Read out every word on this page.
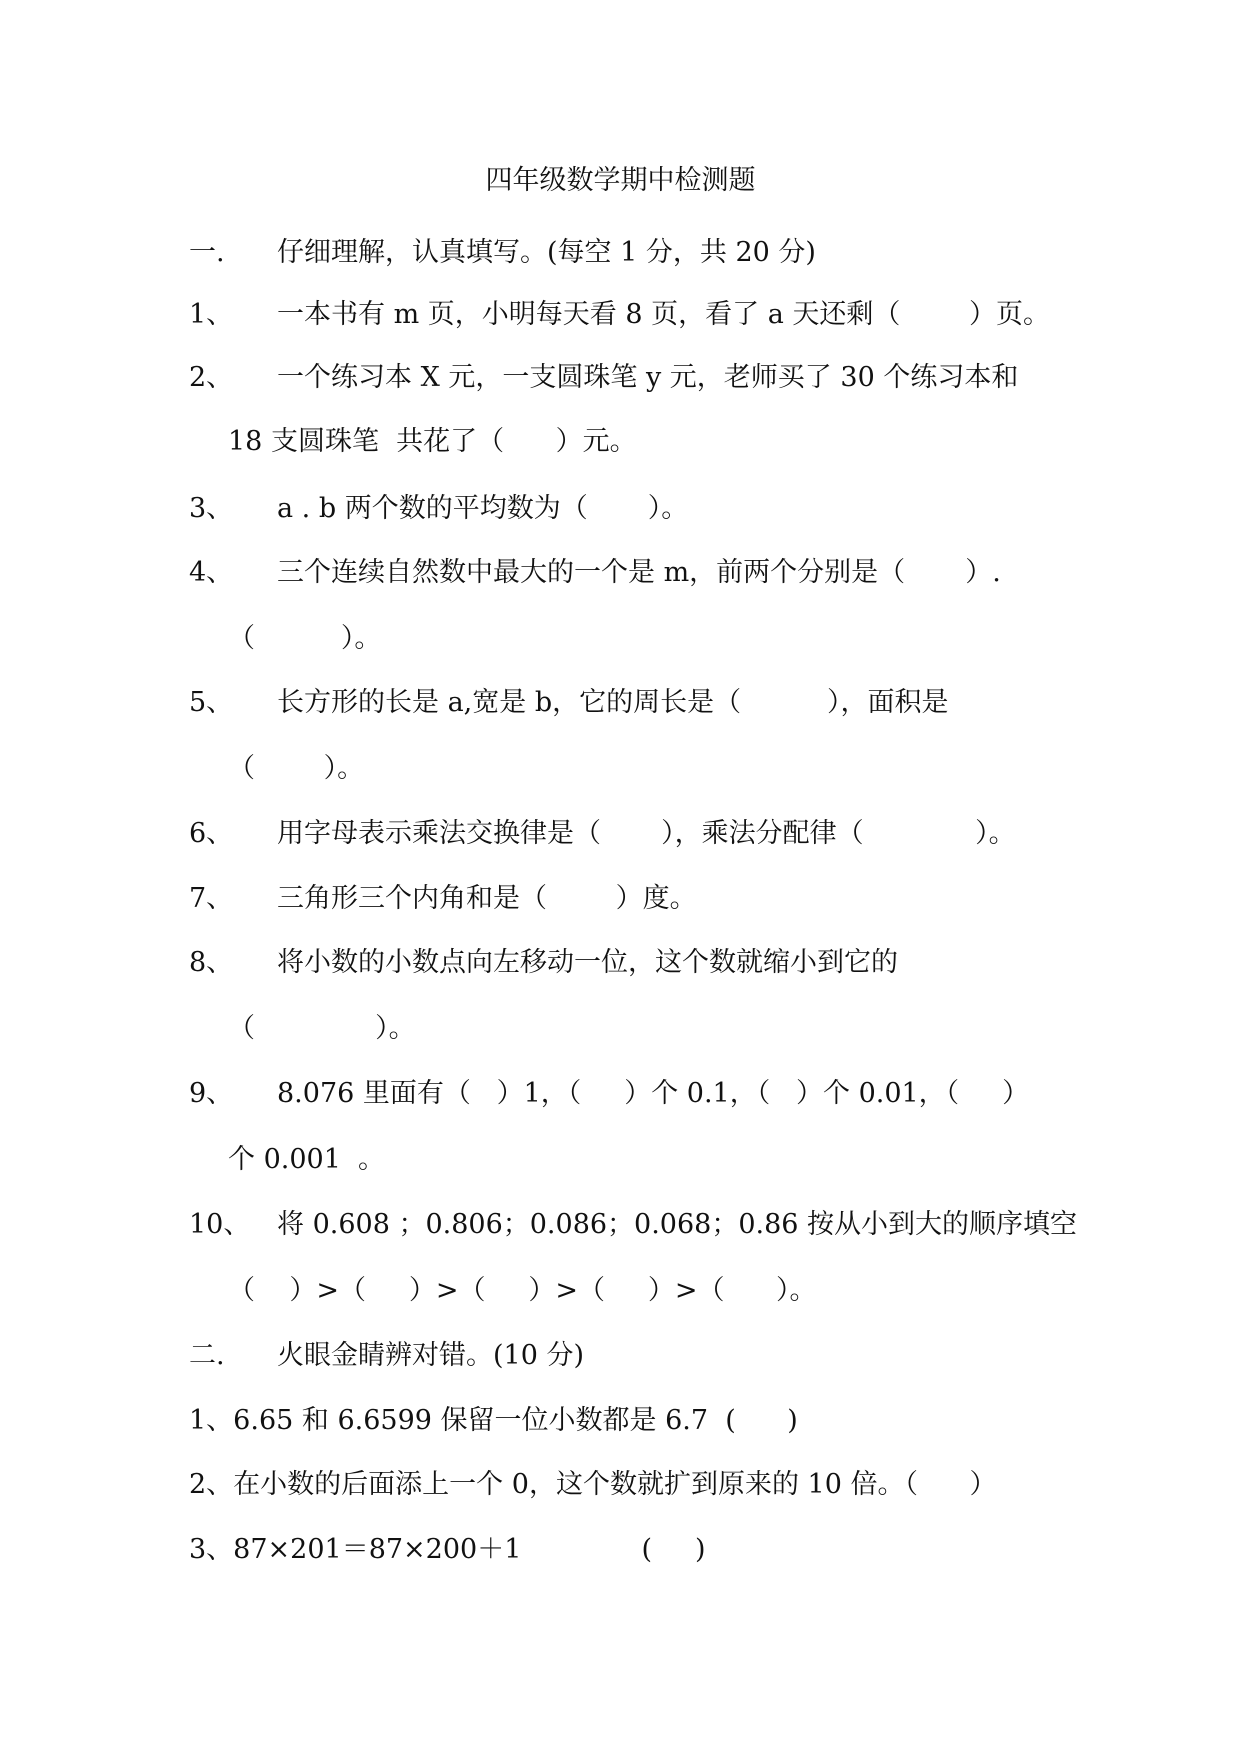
四年级数学期中检测题
一. 仔细理解，认真填写。(每空 1 分，共 20 分)
1、 一本书有 m 页，小明每天看 8 页，看了 a 天还剩（        ）页。
2、 一个练习本 X 元，一支圆珠笔 y 元，老师买了 30 个练习本和
18 支圆珠笔  共花了（      ）元。
3、 a . b 两个数的平均数为（       ）。
4、 三个连续自然数中最大的一个是 m，前两个分别是（       ）.
（          ）。
5、 长方形的长是 a,宽是 b，它的周长是（          ），面积是
（        ）。
6、 用字母表示乘法交换律是（       ），乘法分配律（             ）。
7、 三角形三个内角和是（        ）度。
8、 将小数的小数点向左移动一位，这个数就缩小到它的
（              ）。
9、 8.076 里面有（   ）1，（     ）个 0.1，（   ）个 0.01，（     ）
个 0.001  。
10、 将 0.608 ；0.806；0.086；0.068；0.86 按从小到大的顺序填空
（    ）>（     ）>（     ）>（     ）>（      ）。
二. 火眼金睛辨对错。(10 分)
1、6.65 和 6.6599 保留一位小数都是 6.7  (      )
2、在小数的后面添上一个 0，这个数就扩到原来的 10 倍。（      ）
3、87×201＝87×200＋1              (     )
